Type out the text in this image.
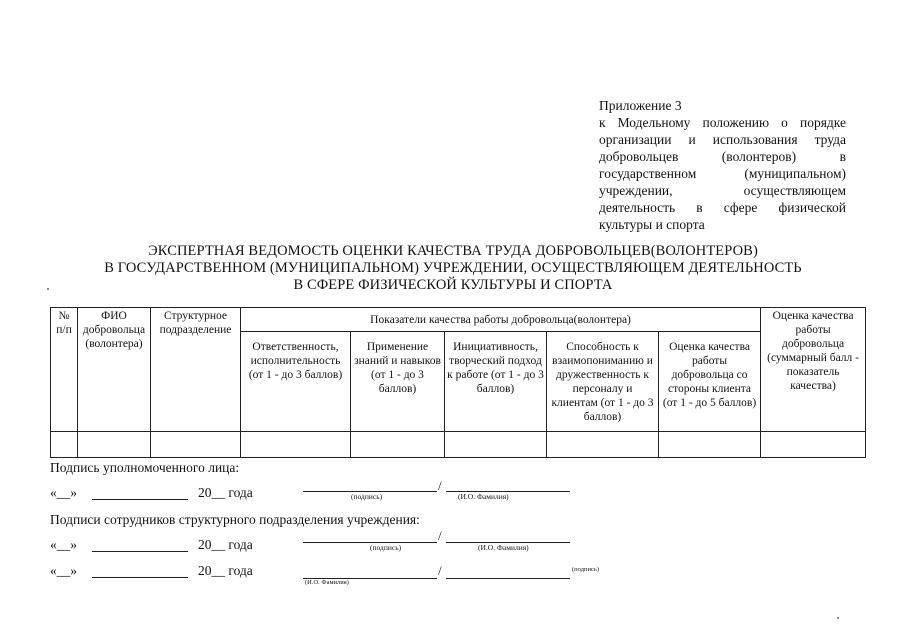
Приложение 3
к Модельному положению о порядке организации и использования труда добровольцев (волонтеров) в государственном (муниципальном) учреждении, осуществляющем деятельность в сфере физической культуры и спорта
ЭКСПЕРТНАЯ ВЕДОМОСТЬ ОЦЕНКИ КАЧЕСТВА ТРУДА ДОБРОВОЛЬЦЕВ(ВОЛОНТЕРОВ)
В ГОСУДАРСТВЕННОМ (МУНИЦИПАЛЬНОМ) УЧРЕЖДЕНИИ, ОСУЩЕСТВЛЯЮЩЕМ ДЕЯТЕЛЬНОСТЬ
В СФЕРЕ ФИЗИЧЕСКОЙ КУЛЬТУРЫ И СПОРТА
№ п/п	ФИО добровольца (волонтера)	Структурное подразделение	Показатели качества работы добровольца(волонтера)					Оценка качества работы добровольца (суммарный балл - показатель качества)
			Ответственность, исполнительность (от 1 - до 3 баллов)	Применение знаний и навыков (от 1 - до 3 баллов)	Инициативность, творческий подход к работе (от 1 - до 3 баллов)	Способность к взаимопониманию и дружественность к персоналу и клиентам (от 1 - до 3 баллов)	Оценка качества работы добровольца со стороны клиента (от 1 - до 5 баллов)	

Подпись уполномоченного лица:
«__»	20__ года	/
(подпись)	(И.О. Фамилия)
Подписи сотрудников структурного подразделения учреждения:
«__»	20__ года
/
(подпись)	(И.О. Фамилия)
«__»	20__ года	/
(И.О. Фамилия)
(подпись)
